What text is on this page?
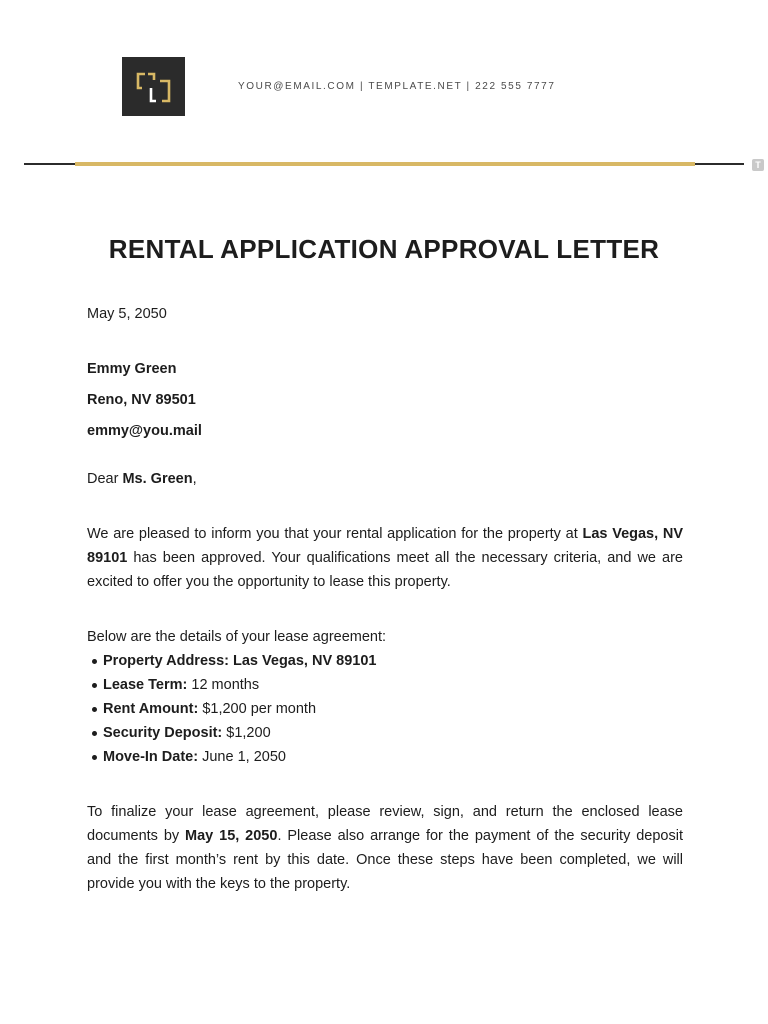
YOUR@EMAIL.COM | TEMPLATE.NET | 222 555 7777
T
RENTAL APPLICATION APPROVAL LETTER

May 5, 2050

Emmy Green

Reno, NV 89501

emmy@you.mail

Dear Ms. Green,

We are pleased to inform you that your rental application for the property at Las Vegas, NV 89101 has been approved. Your qualifications meet all the necessary criteria, and we are excited to offer you the opportunity to lease this property.

Below are the details of your lease agreement:

Property Address: Las Vegas, NV 89101
Lease Term: 12 months
Rent Amount: $1,200 per month
Security Deposit: $1,200
Move-In Date: June 1, 2050

To finalize your lease agreement, please review, sign, and return the enclosed lease documents by May 15, 2050. Please also arrange for the payment of the security deposit and the first month’s rent by this date. Once these steps have been completed, we will provide you with the keys to the property.
